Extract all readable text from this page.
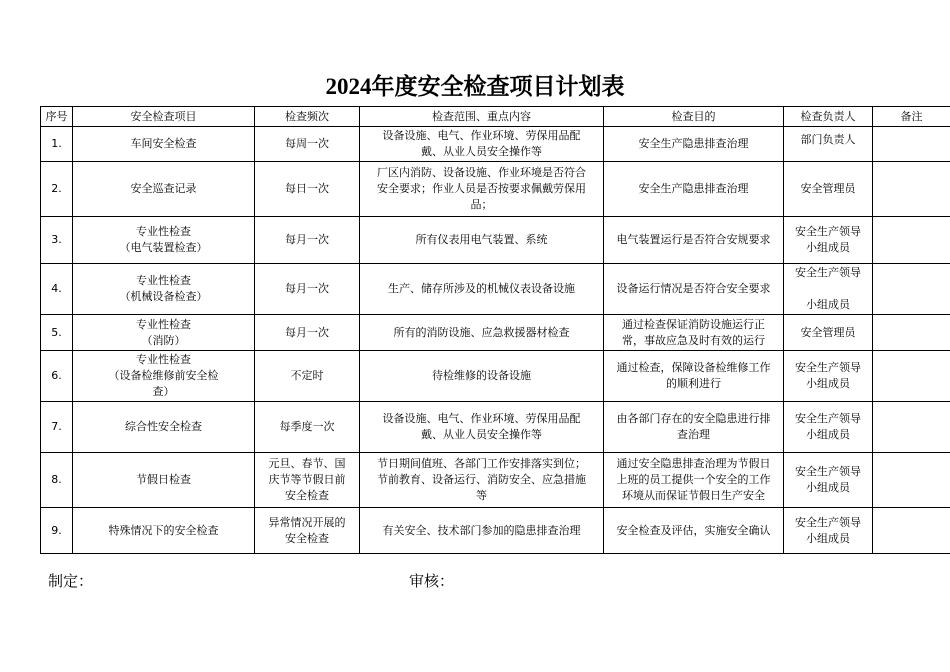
2024年度安全检查项目计划表
序号	安全检查项目	检查频次	检查范围、重点内容	检查目的	检查负责人	备注
1.	车间安全检查	每周一次	设备设施、电气、作业环境、劳保用品配
戴、从业人员安全操作等	安全生产隐患排查治理	部门负责人	

2.	安全巡查记录	每日一次	厂区内消防、设备设施、作业环境是否符合
安全要求；作业人员是否按要求佩戴劳保用
品；	安全生产隐患排查治理	安全管理员	

3.	专业性检查
（电气装置检查）	每月一次	所有仪表用电气装置、系统	电气装置运行是否符合安规要求	安全生产领导
小组成员	

4.	专业性检查
（机械设备检查）	每月一次	生产、储存所涉及的机械仪表设备设施	设备运行情况是否符合安全要求	安全生产领导
小组成员	

5.	专业性检查
（消防）	每月一次	所有的消防设施、应急救援器材检查	通过检查保证消防设施运行正
常，事故应急及时有效的运行	安全管理员	

6.	专业性检查
（设备检维修前安全检
查）	不定时	待检维修的设备设施	通过检查，保障设备检维修工作
的顺利进行	安全生产领导
小组成员	

7.	综合性安全检查	每季度一次	设备设施、电气、作业环境、劳保用品配
戴、从业人员安全操作等	由各部门存在的安全隐患进行排
查治理	安全生产领导
小组成员	

8.	节假日检查	元旦、春节、国
庆节等节假日前
安全检查	节日期间值班、各部门工作安排落实到位；
节前教育、设备运行、消防安全、应急措施
等	通过安全隐患排查治理为节假日
上班的员工提供一个安全的工作
环境从而保证节假日生产安全	安全生产领导
小组成员	

9.	特殊情况下的安全检查	异常情况开展的
安全检查	有关安全、技术部门参加的隐患排查治理	安全检查及评估，实施安全确认	安全生产领导
小组成员	

制定：	审核：
